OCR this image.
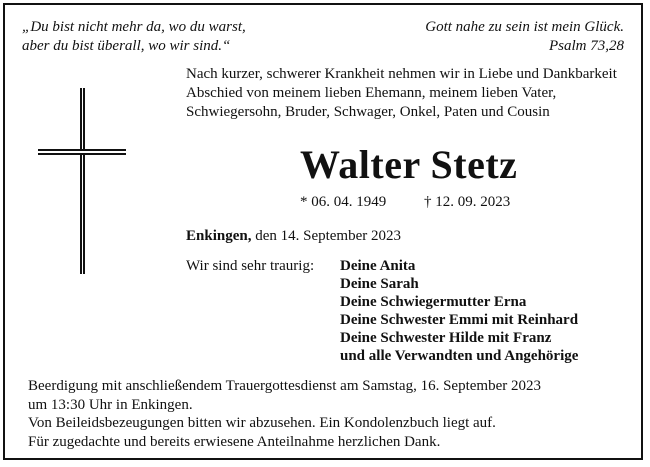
„Du bist nicht mehr da, wo du warst,
aber du bist überall, wo wir sind.“
Gott nahe zu sein ist mein Glück.
Psalm 73,28
Nach kurzer, schwerer Krankheit nehmen wir in Liebe und Dankbarkeit
Abschied von meinem lieben Ehemann, meinem lieben Vater,
Schwiegersohn, Bruder, Schwager, Onkel, Paten und Cousin
Walter Stetz
* 06. 04. 1949	† 12. 09. 2023
Enkingen, den 14. September 2023
Wir sind sehr traurig: Deine Anita
Deine Sarah
Deine Schwiegermutter Erna
Deine Schwester Emmi mit Reinhard
Deine Schwester Hilde mit Franz
und alle Verwandten und Angehörige
Beerdigung mit anschließendem Trauergottesdienst am Samstag, 16. September 2023
um 13:30 Uhr in Enkingen.
Von Beileidsbezeugungen bitten wir abzusehen. Ein Kondolenzbuch liegt auf.
Für zugedachte und bereits erwiesene Anteilnahme herzlichen Dank.
